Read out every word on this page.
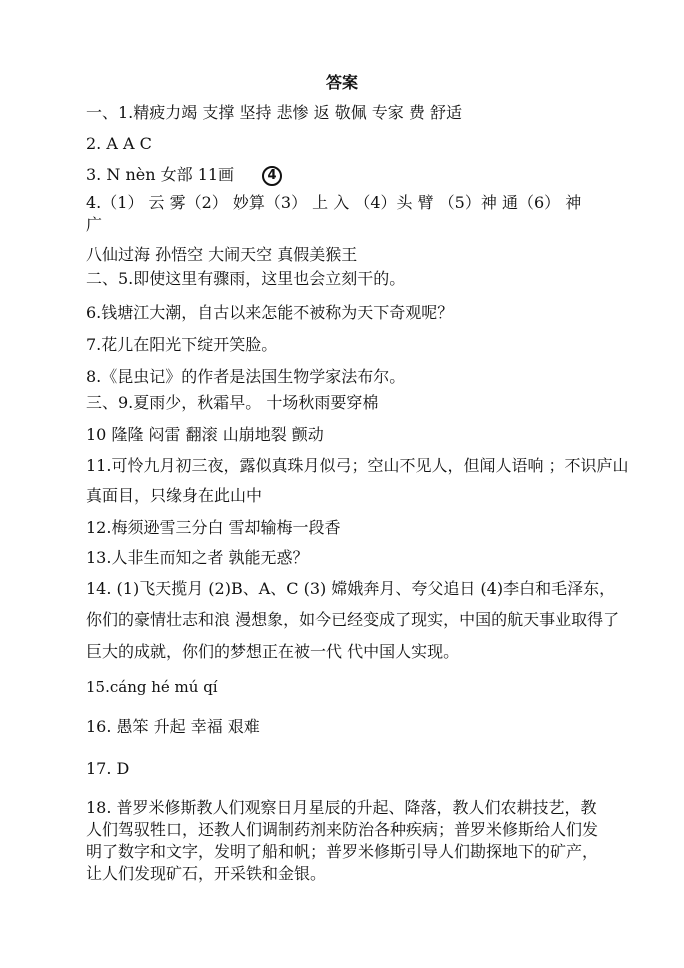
答案
一、1.精疲力竭 支撑 坚持 悲惨 返 敬佩 专家 费 舒适
2. A A C
3. N nèn 女部 11画	4
4.（1） 云 雾（2） 妙算（3） 上 入 （4）头 臂 （5）神 通（6） 神
广
八仙过海 孙悟空 大闹天空 真假美猴王
二、5.即使这里有骤雨，这里也会立刻干的。
6.钱塘江大潮，自古以来怎能不被称为天下奇观呢？
7.花儿在阳光下绽开笑脸。
8.《昆虫记》的作者是法国生物学家法布尔。
三、9.夏雨少，秋霜早。 十场秋雨要穿棉
10 隆隆 闷雷 翻滚 山崩地裂 颤动
11.可怜九月初三夜，露似真珠月似弓；空山不见人，但闻人语响 ；不识庐山
真面目，只缘身在此山中
12.梅须逊雪三分白 雪却输梅一段香
13.人非生而知之者 孰能无惑？
14. (1)飞天揽月 (2)B、A、C (3) 嫦娥奔月、夸父追日 (4)李白和毛泽东，
你们的豪情壮志和浪 漫想象，如今已经变成了现实，中国的航天事业取得了
巨大的成就，你们的梦想正在被一代 代中国人实现。
15.cáng hé mú qí
16. 愚笨 升起 幸福 艰难
17. D
18. 普罗米修斯教人们观察日月星辰的升起、降落，教人们农耕技艺，教
人们驾驭牲口，还教人们调制药剂来防治各种疾病；普罗米修斯给人们发
明了数字和文字，发明了船和帆；普罗米修斯引导人们勘探地下的矿产，
让人们发现矿石，开采铁和金银。
